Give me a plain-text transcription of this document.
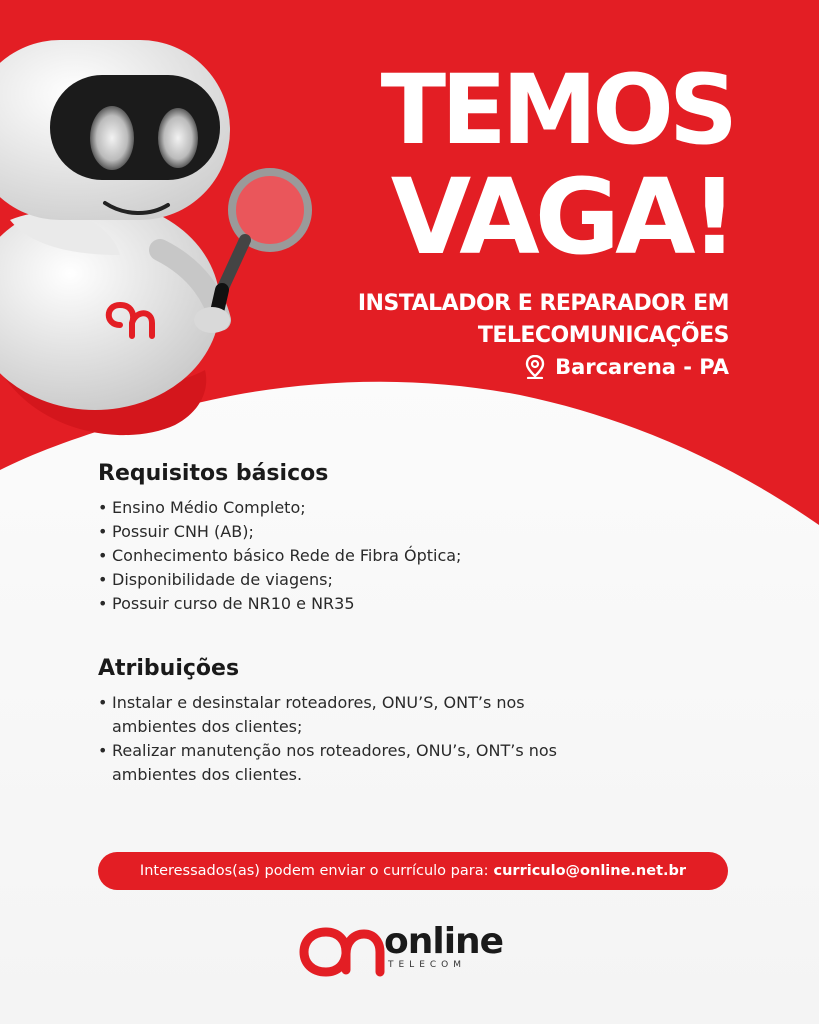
TEMOS
VAGA!
INSTALADOR E REPARADOR EM
TELECOMUNICAÇÕES
Barcarena - PA
Requisitos básicos
• Ensino Médio Completo;
• Possuir CNH (AB);
• Conhecimento básico Rede de Fibra Óptica;
• Disponibilidade de viagens;
• Possuir curso de NR10 e NR35
Atribuições
• Instalar e desinstalar roteadores, ONU’S, ONT’s nos ambientes dos clientes;
• Realizar manutenção nos roteadores, ONU’s, ONT’s nos ambientes dos clientes.
Interessados(as) podem enviar o currículo para: curriculo@online.net.br
online
TELECOM
